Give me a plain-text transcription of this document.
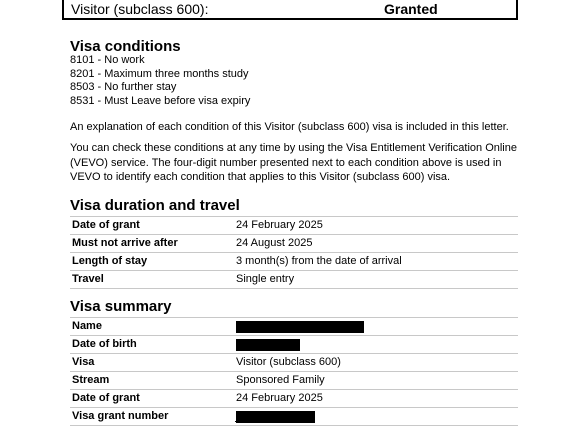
Visitor (subclass 600):	Granted
Visa conditions
8101 - No work
8201 - Maximum three months study
8503 - No further stay
8531 - Must Leave before visa expiry

An explanation of each condition of this Visitor (subclass 600) visa is included in this letter.

You can check these conditions at any time by using the Visa Entitlement Verification Online (VEVO) service. The four-digit number presented next to each condition above is used in VEVO to identify each condition that applies to this Visitor (subclass 600) visa.

Visa duration and travel
Date of grant	24 February 2025
Must not arrive after	24 August 2025
Length of stay	3 month(s) from the date of arrival
Travel	Single entry
Visa summary
Name
Date of birth
Visa	Visitor (subclass 600)
Stream	Sponsored Family
Date of grant	24 February 2025
Visa grant number
